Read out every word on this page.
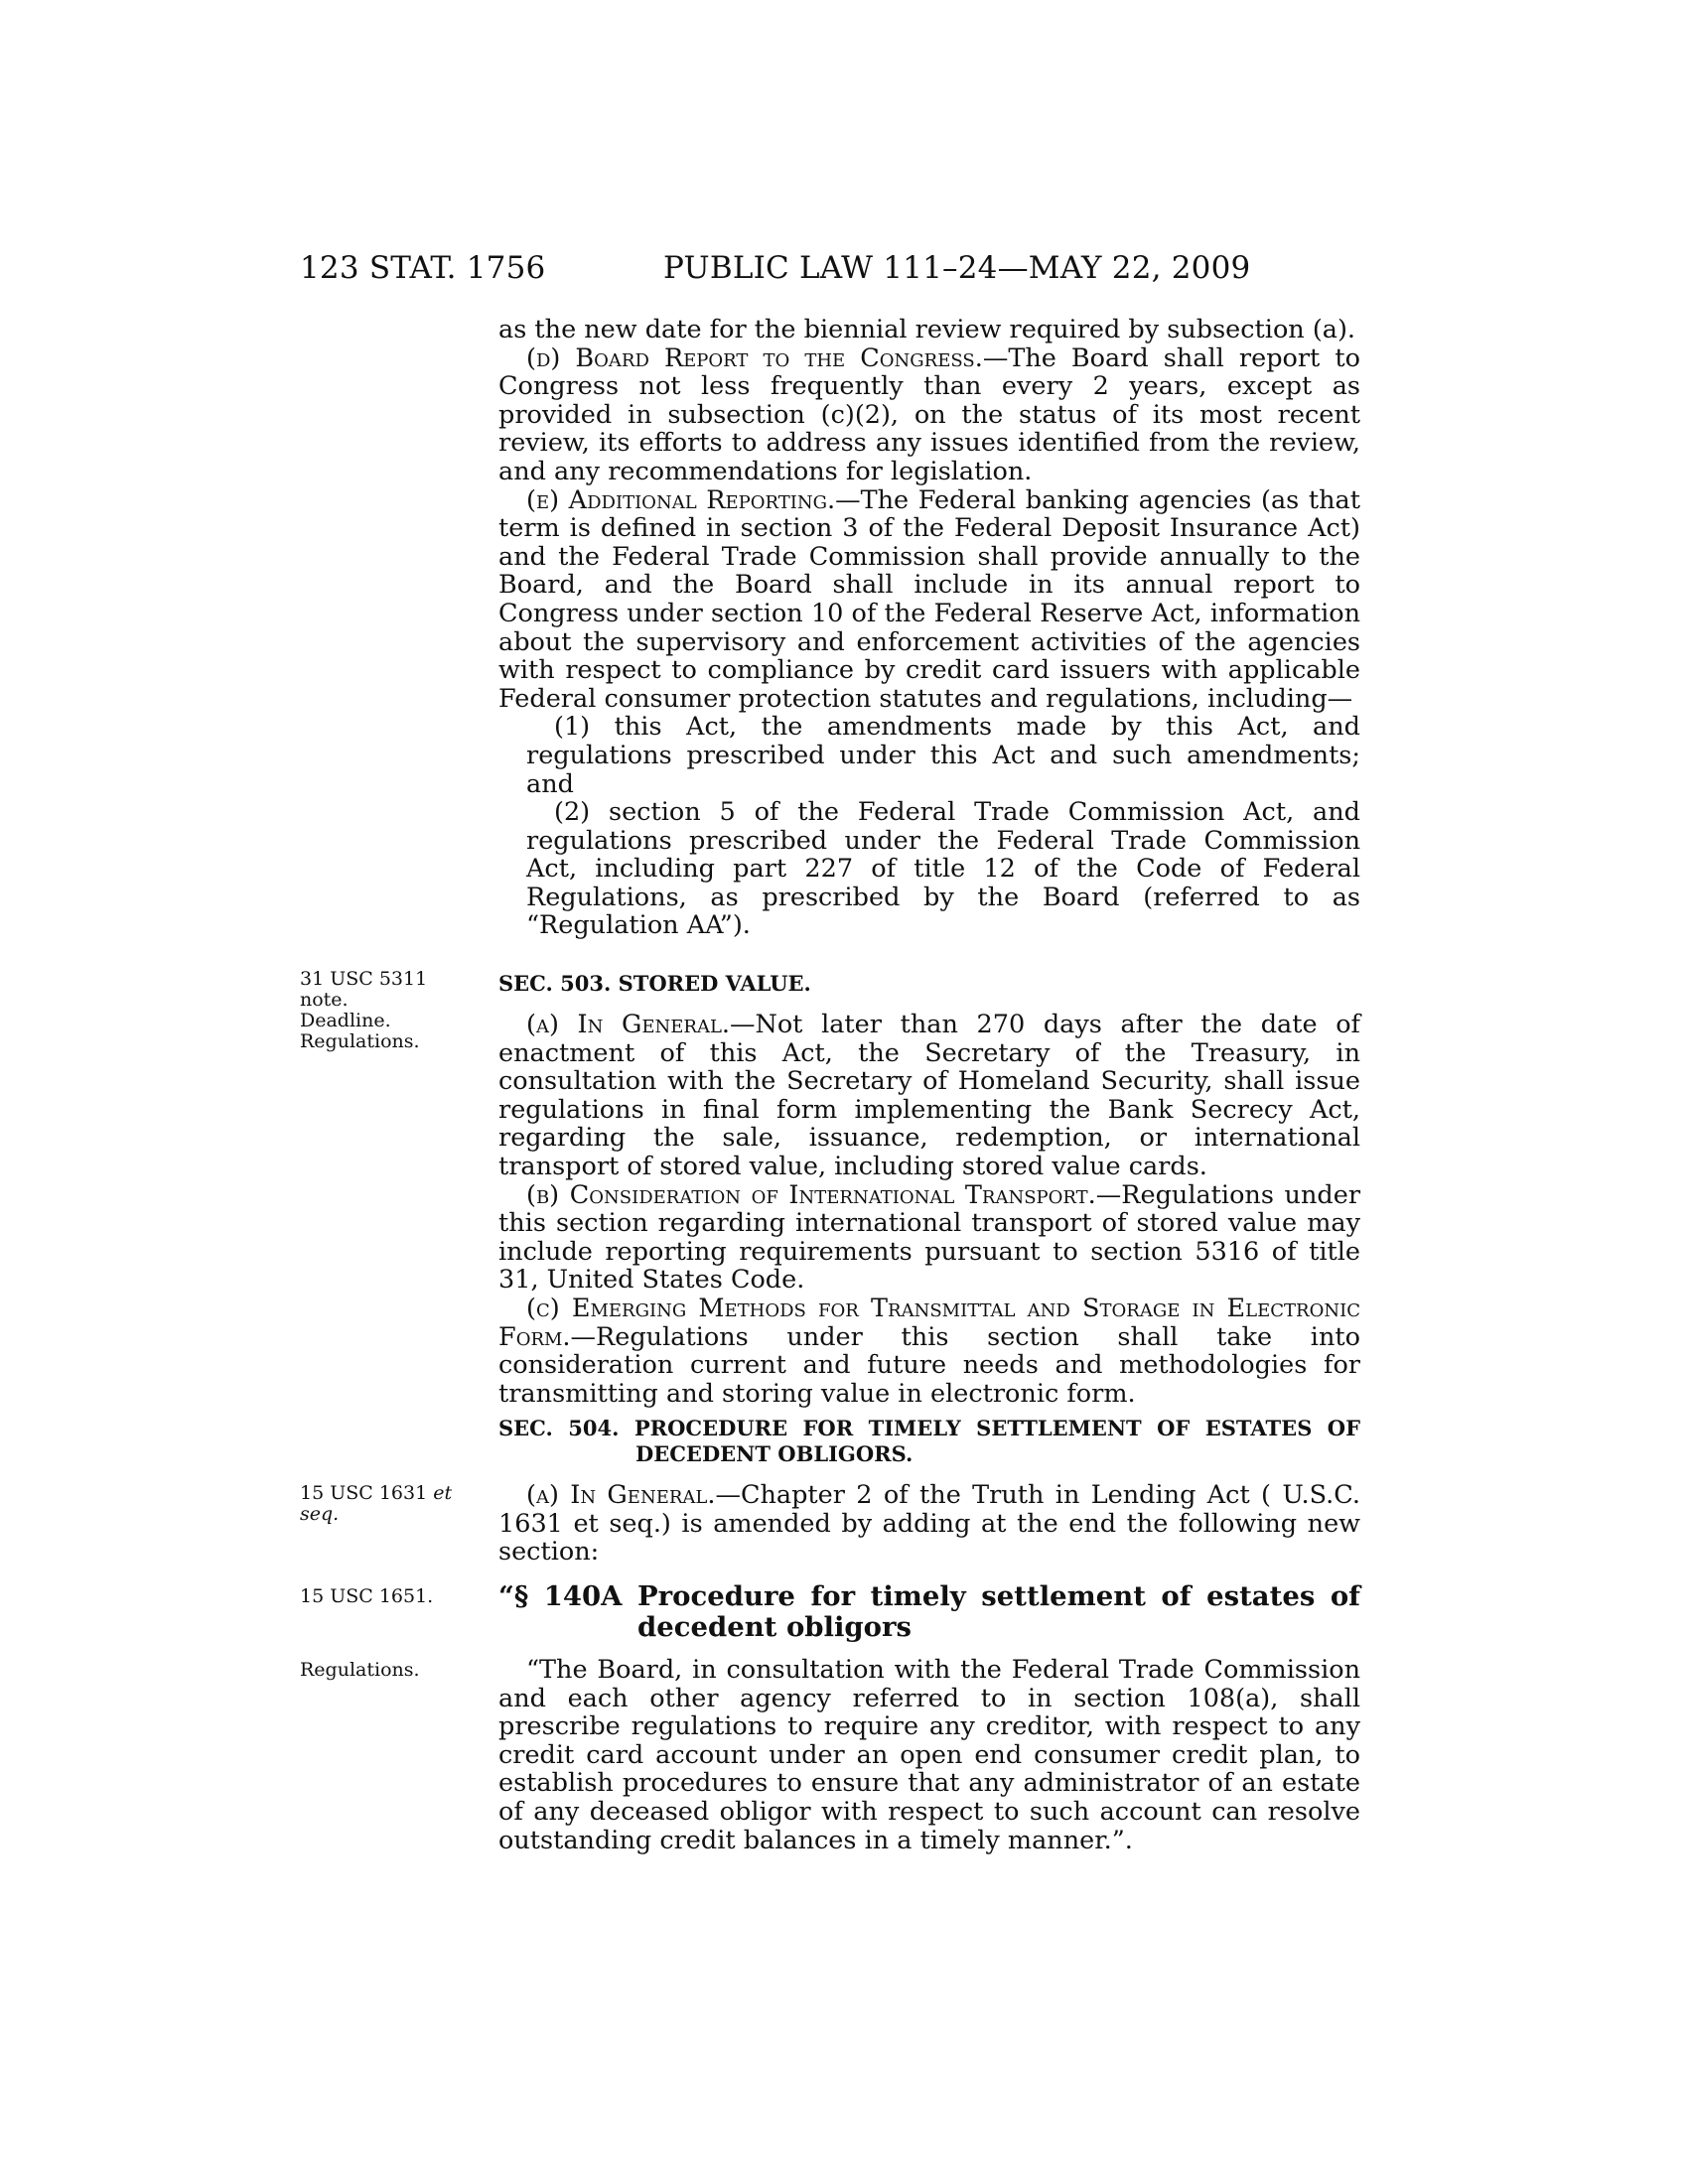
123 STAT. 1756	PUBLIC LAW 111–24—MAY 22, 2009

as the new date for the biennial review required by subsection (a).

(d) Board Report to the Congress.—The Board shall report to Congress not less frequently than every 2 years, except as provided in subsection (c)(2), on the status of its most recent review, its efforts to address any issues identified from the review, and any recommendations for legislation.

(e) Additional Reporting.—The Federal banking agencies (as that term is defined in section 3 of the Federal Deposit Insurance Act) and the Federal Trade Commission shall provide annually to the Board, and the Board shall include in its annual report to Congress under section 10 of the Federal Reserve Act, information about the supervisory and enforcement activities of the agencies with respect to compliance by credit card issuers with applicable Federal consumer protection statutes and regulations, including—

(1) this Act, the amendments made by this Act, and regulations prescribed under this Act and such amendments; and

(2) section 5 of the Federal Trade Commission Act, and regulations prescribed under the Federal Trade Commission Act, including part 227 of title 12 of the Code of Federal Regulations, as prescribed by the Board (referred to as “Regulation AA”).

31 USC 5311
note.
Deadline.
Regulations.
SEC. 503. STORED VALUE.

(a) In General.—Not later than 270 days after the date of enactment of this Act, the Secretary of the Treasury, in consultation with the Secretary of Homeland Security, shall issue regulations in final form implementing the Bank Secrecy Act, regarding the sale, issuance, redemption, or international transport of stored value, including stored value cards.

(b) Consideration of International Transport.—Regulations under this section regarding international transport of stored value may include reporting requirements pursuant to section 5316 of title 31, United States Code.

(c) Emerging Methods for Transmittal and Storage in Electronic Form.—Regulations under this section shall take into consideration current and future needs and methodologies for transmitting and storing value in electronic form.

SEC. 504. PROCEDURE FOR TIMELY SETTLEMENT OF ESTATES OF DECEDENT OBLIGORS.
15 USC 1631 et
seq.

(a) In General.—Chapter 2 of the Truth in Lending Act ( U.S.C. 1631 et seq.) is amended by adding at the end the following new section:

15 USC 1651.	“§ 140A Procedure for timely settlement of estates of decedent obligors
Regulations.	“The Board, in consultation with the Federal Trade Commission and each other agency referred to in section 108(a), shall prescribe regulations to require any creditor, with respect to any credit card account under an open end consumer credit plan, to establish procedures to ensure that any administrator of an estate of any deceased obligor with respect to such account can resolve outstanding credit balances in a timely manner.”.
